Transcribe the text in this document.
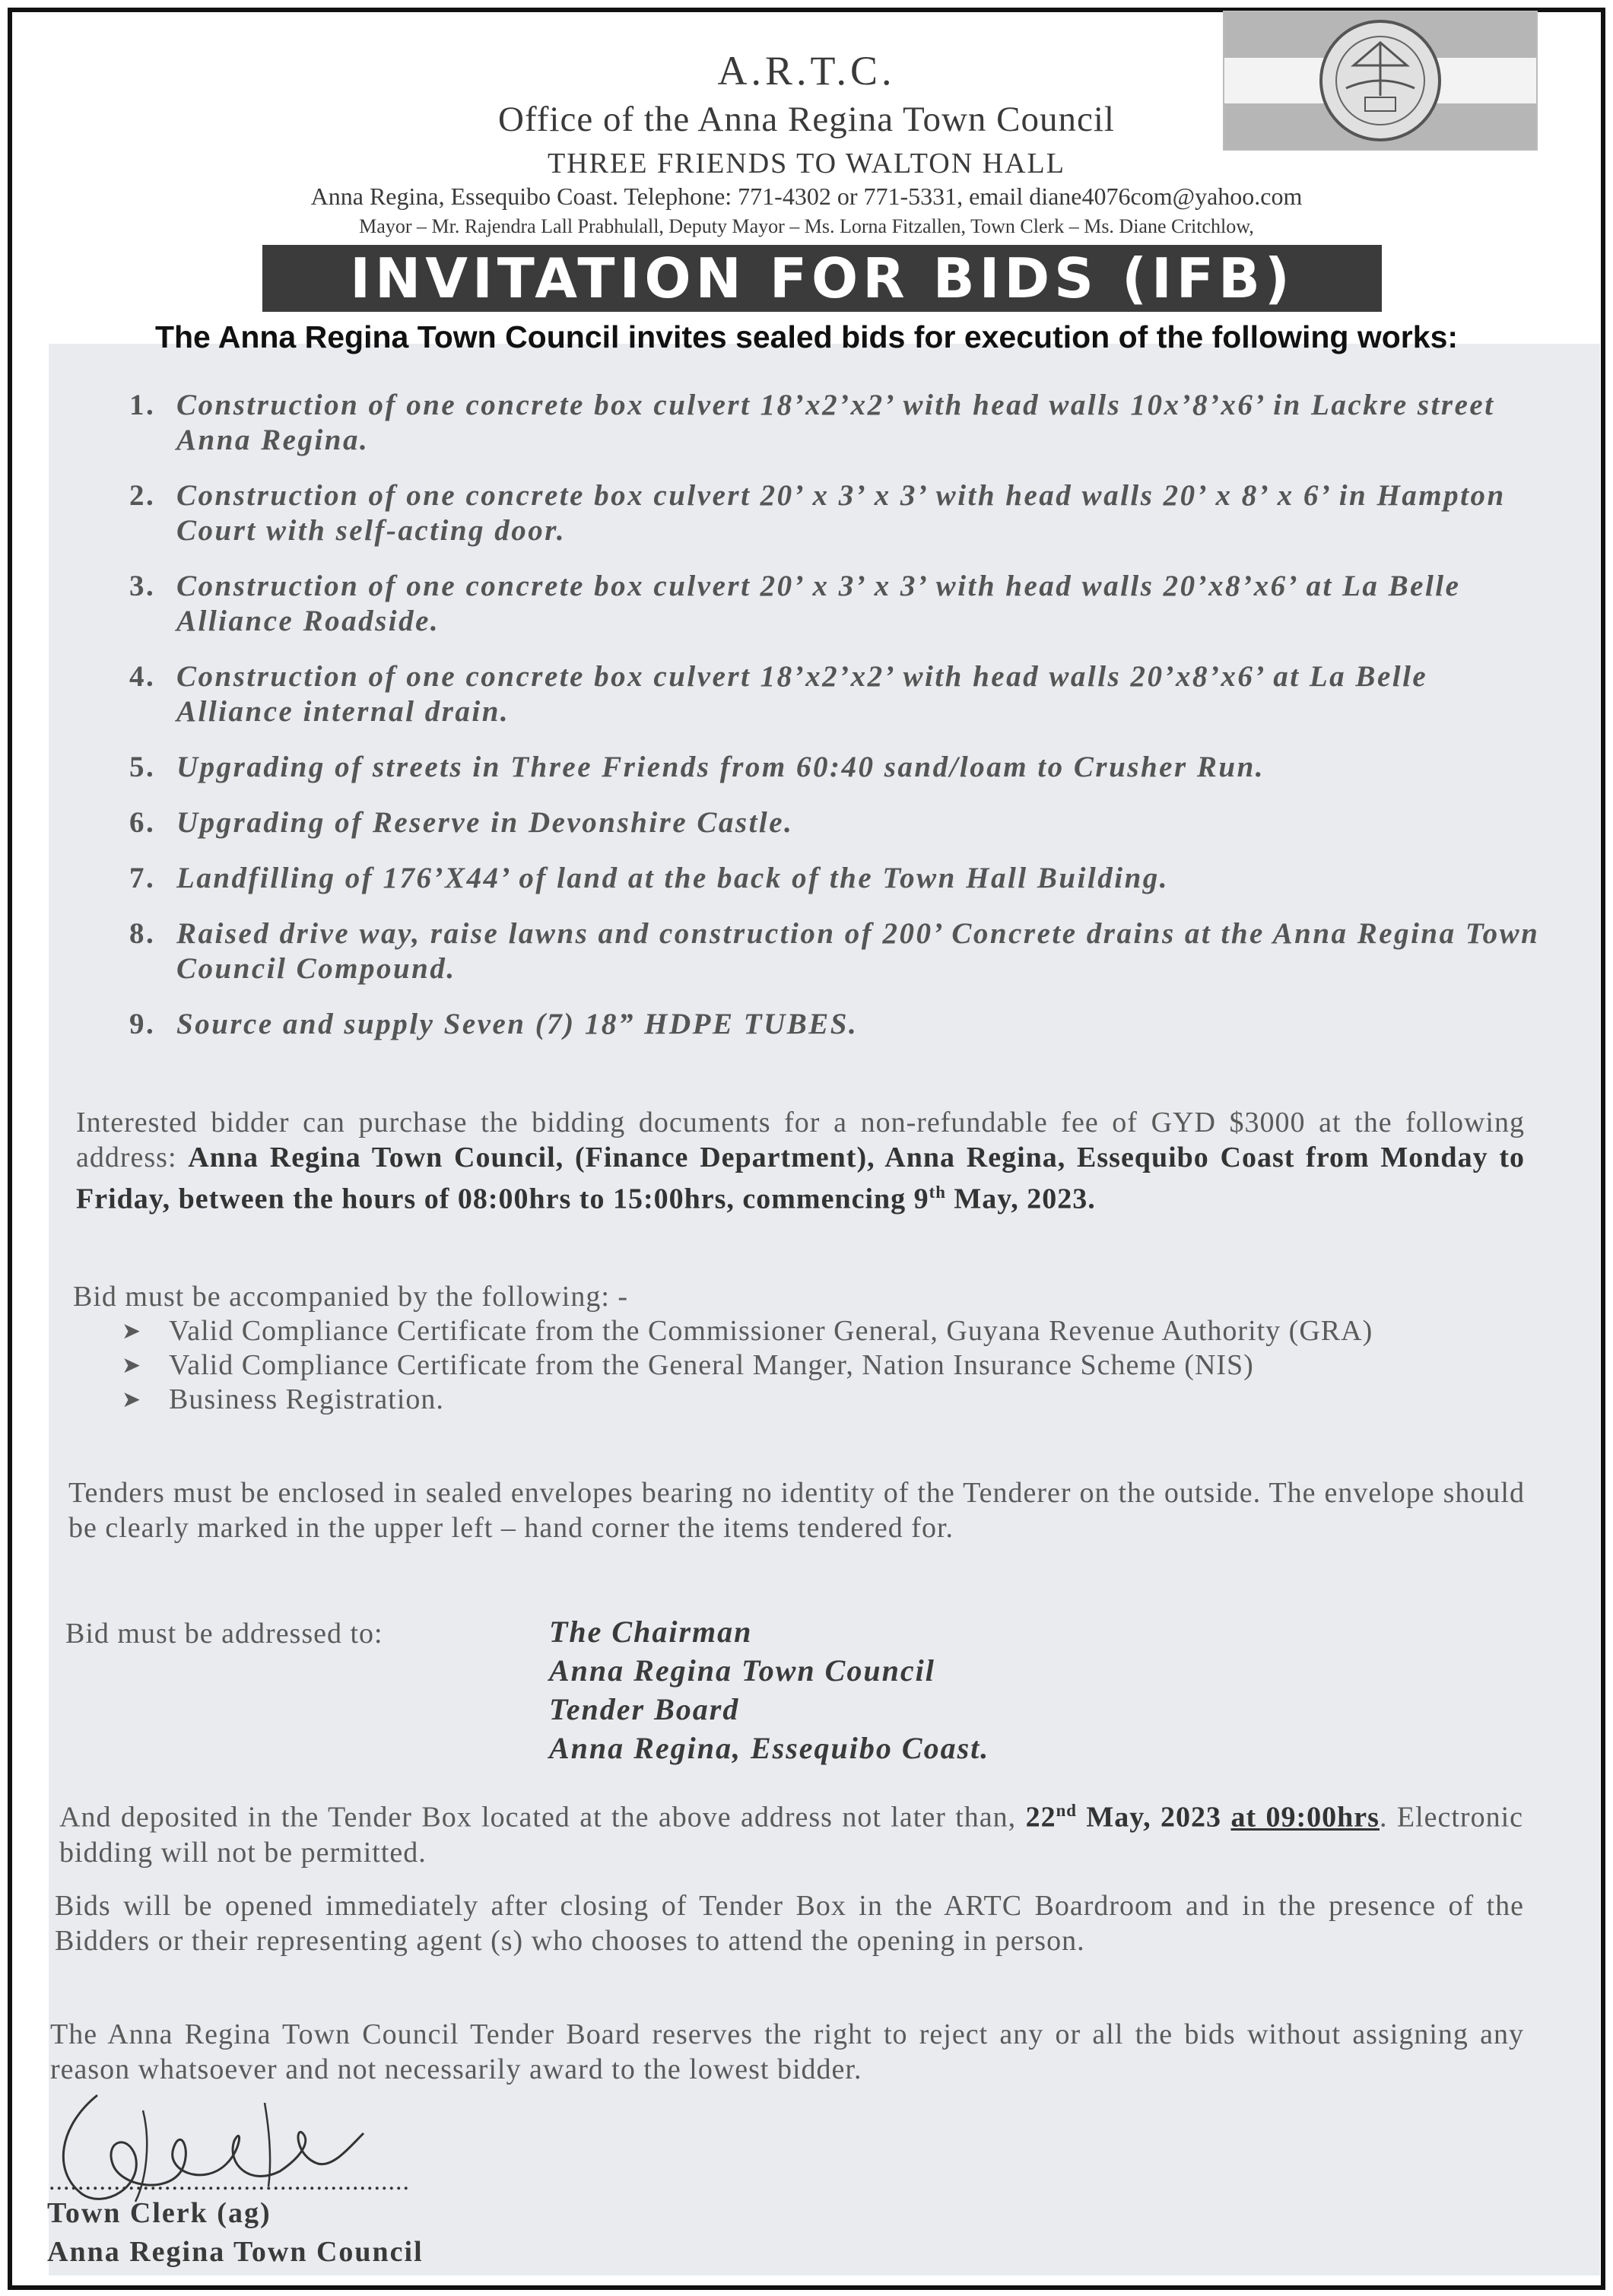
A.R.T.C.
Office of the Anna Regina Town Council
THREE FRIENDS TO WALTON HALL
Anna Regina, Essequibo Coast. Telephone: 771-4302 or 771-5331, email diane4076com@yahoo.com
Mayor – Mr. Rajendra Lall Prabhulall, Deputy Mayor – Ms. Lorna Fitzallen, Town Clerk – Ms. Diane Critchlow,
INVITATION FOR BIDS (IFB)
The Anna Regina Town Council invites sealed bids for execution of the following works:
1. Construction of one concrete box culvert 18’x2’x2’ with head walls 10x’8’x6’ in Lackre street Anna Regina.
2. Construction of one concrete box culvert 20’ x 3’ x 3’ with head walls 20’ x 8’ x 6’ in Hampton Court with self-acting door.
3. Construction of one concrete box culvert 20’ x 3’ x 3’ with head walls 20’x8’x6’ at La Belle Alliance Roadside.
4. Construction of one concrete box culvert 18’x2’x2’ with head walls 20’x8’x6’ at La Belle Alliance internal drain.
5. Upgrading of streets in Three Friends from 60:40 sand/loam to Crusher Run.
6. Upgrading of Reserve in Devonshire Castle.
7. Landfilling of 176’X44’ of land at the back of the Town Hall Building.
8. Raised drive way, raise lawns and construction of 200’ Concrete drains at the Anna Regina Town Council Compound.
9. Source and supply Seven (7) 18” HDPE TUBES.
Interested bidder can purchase the bidding documents for a non-refundable fee of GYD $3000 at the following address: Anna Regina Town Council, (Finance Department), Anna Regina, Essequibo Coast from Monday to Friday, between the hours of 08:00hrs to 15:00hrs, commencing 9th May, 2023.
Bid must be accompanied by the following: -
➤ Valid Compliance Certificate from the Commissioner General, Guyana Revenue Authority (GRA)
➤ Valid Compliance Certificate from the General Manger, Nation Insurance Scheme (NIS)
➤ Business Registration.
Tenders must be enclosed in sealed envelopes bearing no identity of the Tenderer on the outside. The envelope should be clearly marked in the upper left – hand corner the items tendered for.
Bid must be addressed to:	The Chairman
Anna Regina Town Council
Tender Board
Anna Regina, Essequibo Coast.
And deposited in the Tender Box located at the above address not later than, 22nd May, 2023 at 09:00hrs. Electronic bidding will not be permitted.
Bids will be opened immediately after closing of Tender Box in the ARTC Boardroom and in the presence of the Bidders or their representing agent (s) who chooses to attend the opening in person.
The Anna Regina Town Council Tender Board reserves the right to reject any or all the bids without assigning any reason whatsoever and not necessarily award to the lowest bidder.
..................................................
Town Clerk (ag)
Anna Regina Town Council
